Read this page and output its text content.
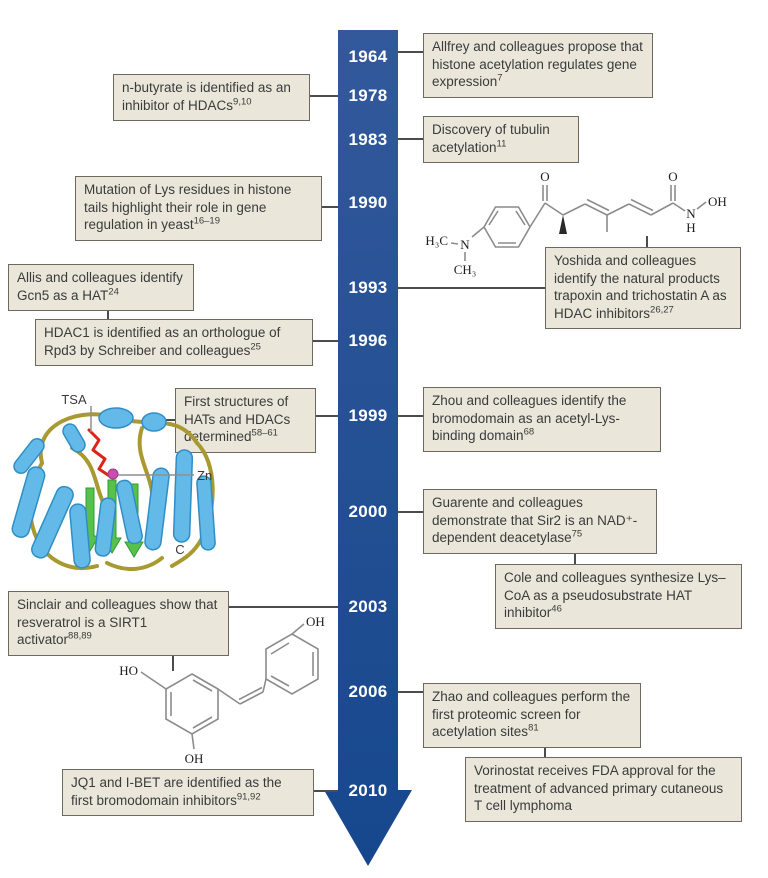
1964
1978
1983
1990
1993
1996
1999
2000
2003
2006
2010
Allfrey and colleagues propose that histone acetylation regulates gene expression$^7$
n-butyrate is identified as an inhibitor of HDACs$^{9,10}$
Discovery of tubulin acetylation$^{11}$
Mutation of Lys residues in histone tails highlight their role in gene regulation in yeast$^{16-19}$
Allis and colleagues identify Gcn5 as a HAT$^{24}$
HDAC1 is identified as an orthologue of Rpd3 by Schreiber and colleagues$^{25}$
Yoshida and colleagues identify the natural products trapoxin and trichostatin A as HDAC inhibitors$^{26,27}$
First structures of HATs and HDACs determined$^{58-61}$
Zhou and colleagues identify the bromodomain as an acetyl-Lys-binding domain$^{68}$
Guarente and colleagues demonstrate that Sir2 is an NAD⁺-dependent deacetylase$^{75}$
Cole and colleagues synthesize Lys–CoA as a pseudosubstrate HAT inhibitor$^{46}$
Sinclair and colleagues show that resveratrol is a SIRT1 activator$^{88,89}$
Zhao and colleagues perform the first proteomic screen for acetylation sites$^{81}$
Vorinostat receives FDA approval for the treatment of advanced primary cutaneous T cell lymphoma
JQ1 and I-BET are identified as the first bromodomain inhibitors$^{91,92}$
O	O
OH
N
H
H₃C N
CH₃
TSA
Zn
C
HO
OH
OH
